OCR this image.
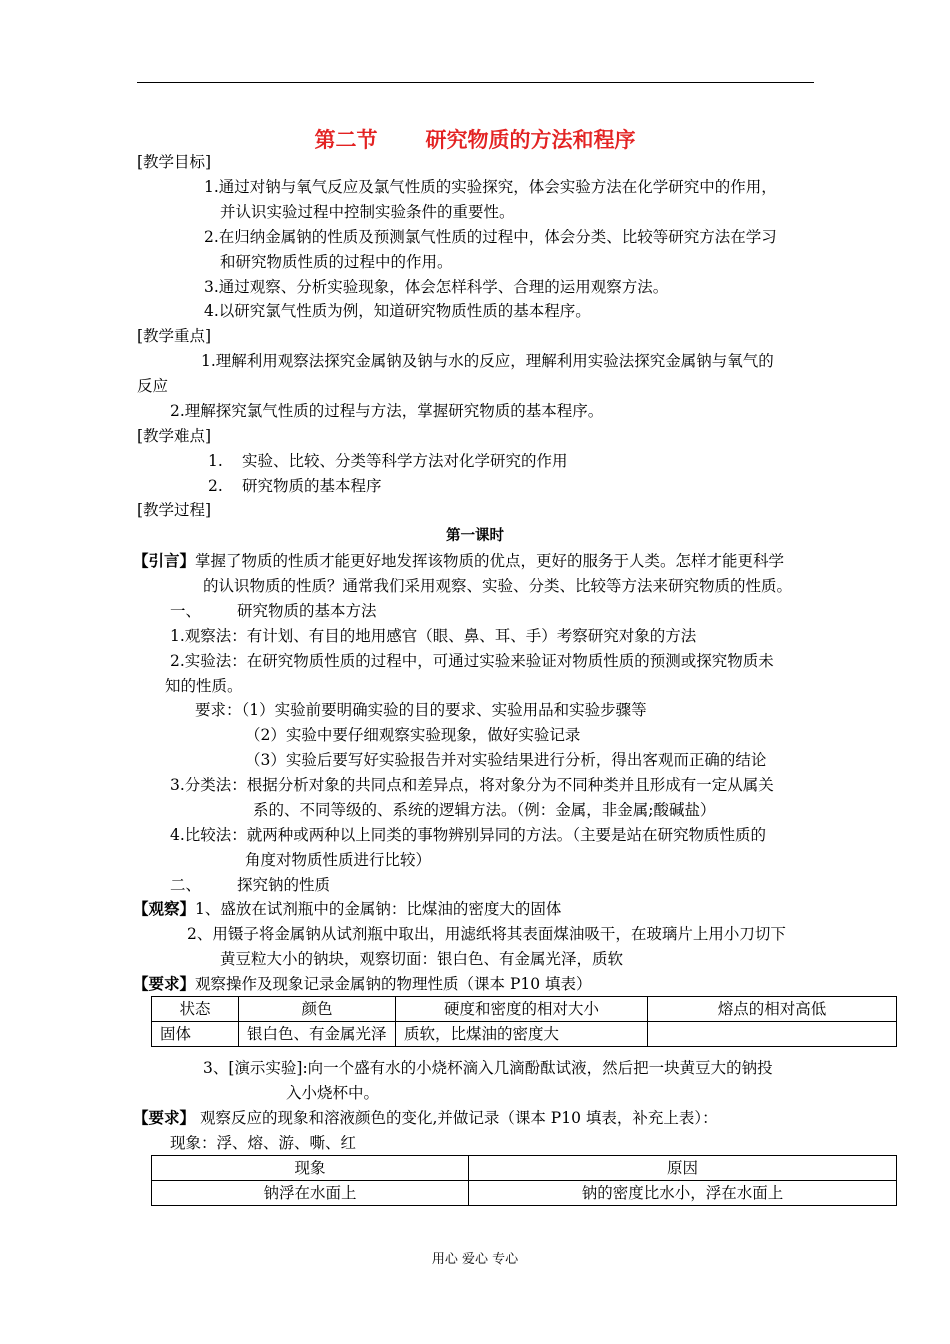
第二节 研究物质的方法和程序
[教学目标]
1.通过对钠与氧气反应及氯气性质的实验探究，体会实验方法在化学研究中的作用，
并认识实验过程中控制实验条件的重要性。
2.在归纳金属钠的性质及预测氯气性质的过程中，体会分类、比较等研究方法在学习
和研究物质性质的过程中的作用。
3.通过观察、分析实验现象，体会怎样科学、合理的运用观察方法。
4.以研究氯气性质为例，知道研究物质性质的基本程序。
[教学重点]
1.理解利用观察法探究金属钠及钠与水的反应，理解利用实验法探究金属钠与氧气的
反应
2.理解探究氯气性质的过程与方法，掌握研究物质的基本程序。
[教学难点]
1. 实验、比较、分类等科学方法对化学研究的作用
2. 研究物质的基本程序
[教学过程]
第一课时
【引言】掌握了物质的性质才能更好地发挥该物质的优点，更好的服务于人类。怎样才能更科学
的认识物质的性质？通常我们采用观察、实验、分类、比较等方法来研究物质的性质。
一、 研究物质的基本方法
1.观察法：有计划、有目的地用感官（眼、鼻、耳、手）考察研究对象的方法
2.实验法：在研究物质性质的过程中，可通过实验来验证对物质性质的预测或探究物质未
知的性质。
要求：（1）实验前要明确实验的目的要求、实验用品和实验步骤等
（2）实验中要仔细观察实验现象，做好实验记录
（3）实验后要写好实验报告并对实验结果进行分析，得出客观而正确的结论
3.分类法：根据分析对象的共同点和差异点，将对象分为不同种类并且形成有一定从属关
系的、不同等级的、系统的逻辑方法。（例：金属，非金属;酸碱盐）
4.比较法：就两种或两种以上同类的事物辨别异同的方法。（主要是站在研究物质性质的
角度对物质性质进行比较）
二、 探究钠的性质
【观察】1、盛放在试剂瓶中的金属钠：比煤油的密度大的固体
2、用镊子将金属钠从试剂瓶中取出，用滤纸将其表面煤油吸干，在玻璃片上用小刀切下
黄豆粒大小的钠块，观察切面：银白色、有金属光泽，质软
【要求】观察操作及现象记录金属钠的物理性质（课本 P10 填表）
状态	颜色	硬度和密度的相对大小	熔点的相对高低
固体	银白色、有金属光泽	质软，比煤油的密度大	
3、[演示实验]:向一个盛有水的小烧杯滴入几滴酚酞试液，然后把一块黄豆大的钠投
入小烧杯中。
【要求】 观察反应的现象和溶液颜色的变化,并做记录（课本 P10 填表，补充上表）：
现象：浮、熔、游、嘶、红
现象	原因
钠浮在水面上	钠的密度比水小，浮在水面上
用心 爱心 专心
